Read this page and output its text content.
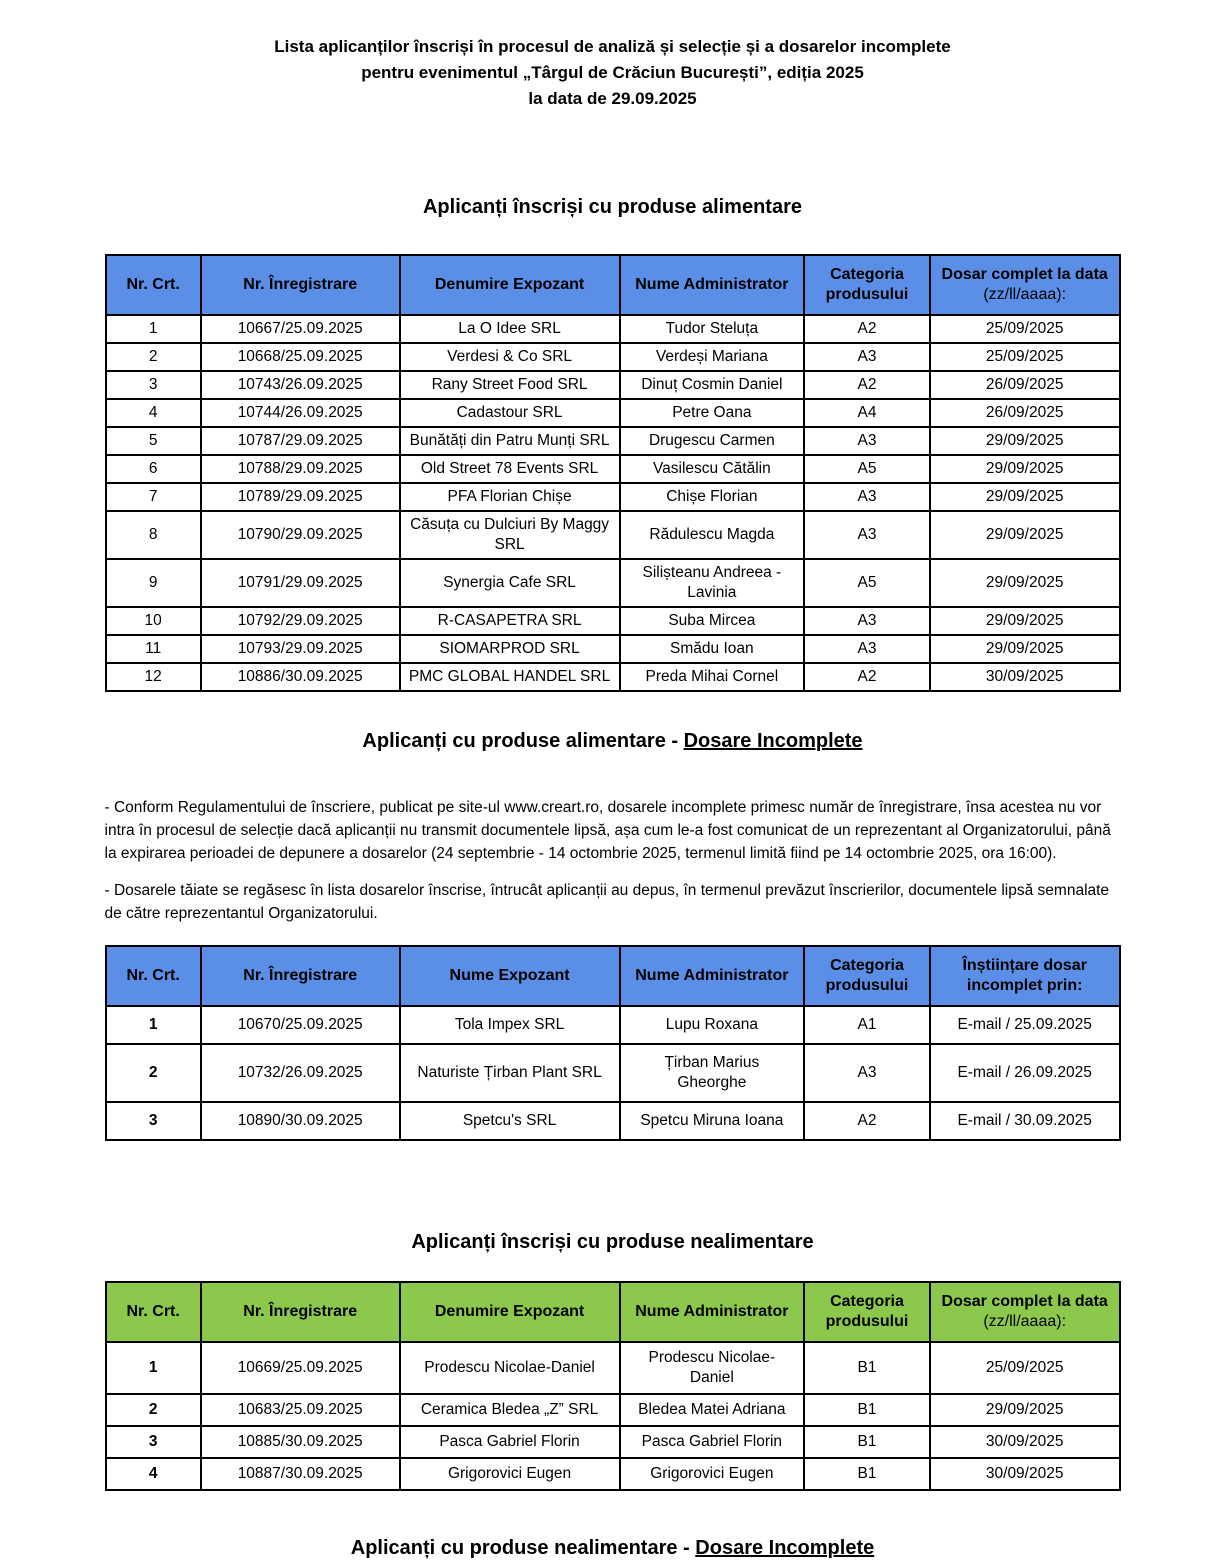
Lista aplicanților înscriși în procesul de analiză și selecție și a dosarelor incomplete
pentru evenimentul „Târgul de Crăciun București”, ediția 2025
la data de 29.09.2025
Aplicanți înscriși cu produse alimentare
Nr. Crt.	Nr. Înregistrare	Denumire Expozant	Nume Administrator	Categoria produsului	Dosar complet la data
(zz/ll/aaaa):

1	10667/25.09.2025	La O Idee SRL	Tudor Steluța	A2	25/09/2025
2	10668/25.09.2025	Verdesi & Co SRL	Verdeși Mariana	A3	25/09/2025
3	10743/26.09.2025	Rany Street Food SRL	Dinuț Cosmin Daniel	A2	26/09/2025
4	10744/26.09.2025	Cadastour SRL	Petre Oana	A4	26/09/2025
5	10787/29.09.2025	Bunătăți din Patru Munți SRL	Drugescu Carmen	A3	29/09/2025
6	10788/29.09.2025	Old Street 78 Events SRL	Vasilescu Cătălin	A5	29/09/2025
7	10789/29.09.2025	PFA Florian Chișe	Chișe Florian	A3	29/09/2025
8	10790/29.09.2025	Căsuța cu Dulciuri By Maggy SRL	Rădulescu Magda	A3	29/09/2025
9	10791/29.09.2025	Synergia Cafe SRL	Silișteanu Andreea - Lavinia	A5	29/09/2025
10	10792/29.09.2025	R-CASAPETRA SRL	Suba Mircea	A3	29/09/2025
11	10793/29.09.2025	SIOMARPROD SRL	Smădu Ioan	A3	29/09/2025
12	10886/30.09.2025	PMC GLOBAL HANDEL SRL	Preda Mihai Cornel	A2	30/09/2025
Aplicanți cu produse alimentare - Dosare Incomplete

- Conform Regulamentului de înscriere, publicat pe site-ul www.creart.ro, dosarele incomplete primesc număr de înregistrare, însa acestea nu vor intra în procesul de selecție dacă aplicanții nu transmit documentele lipsă, așa cum le-a fost comunicat de un reprezentant al Organizatorului, până la expirarea perioadei de depunere a dosarelor (24 septembrie - 14 octombrie 2025, termenul limită fiind pe 14 octombrie 2025, ora 16:00).

- Dosarele tăiate se regăsesc în lista dosarelor înscrise, întrucât aplicanții au depus, în termenul prevăzut înscrierilor, documentele lipsă semnalate de către reprezentantul Organizatorului.

Nr. Crt.	Nr. Înregistrare	Nume Expozant	Nume Administrator	Categoria produsului	Înștiințare dosar incomplet prin:
1	10670/25.09.2025	Tola Impex SRL	Lupu Roxana	A1	E-mail / 25.09.2025
2	10732/26.09.2025	Naturiste Țirban Plant SRL	Țirban Marius Gheorghe	A3	E-mail / 26.09.2025
3	10890/30.09.2025	Spetcu's SRL	Spetcu Miruna Ioana	A2	E-mail / 30.09.2025
Aplicanți înscriși cu produse nealimentare
Nr. Crt.	Nr. Înregistrare	Denumire Expozant	Nume Administrator	Categoria produsului	Dosar complet la data
(zz/ll/aaaa):

1	10669/25.09.2025	Prodescu Nicolae-Daniel	Prodescu Nicolae-Daniel	B1	25/09/2025
2	10683/25.09.2025	Ceramica Bledea „Z” SRL	Bledea Matei Adriana	B1	29/09/2025
3	10885/30.09.2025	Pasca Gabriel Florin	Pasca Gabriel Florin	B1	30/09/2025
4	10887/30.09.2025	Grigorovici Eugen	Grigorovici Eugen	B1	30/09/2025
Aplicanți cu produse nealimentare - Dosare Incomplete
